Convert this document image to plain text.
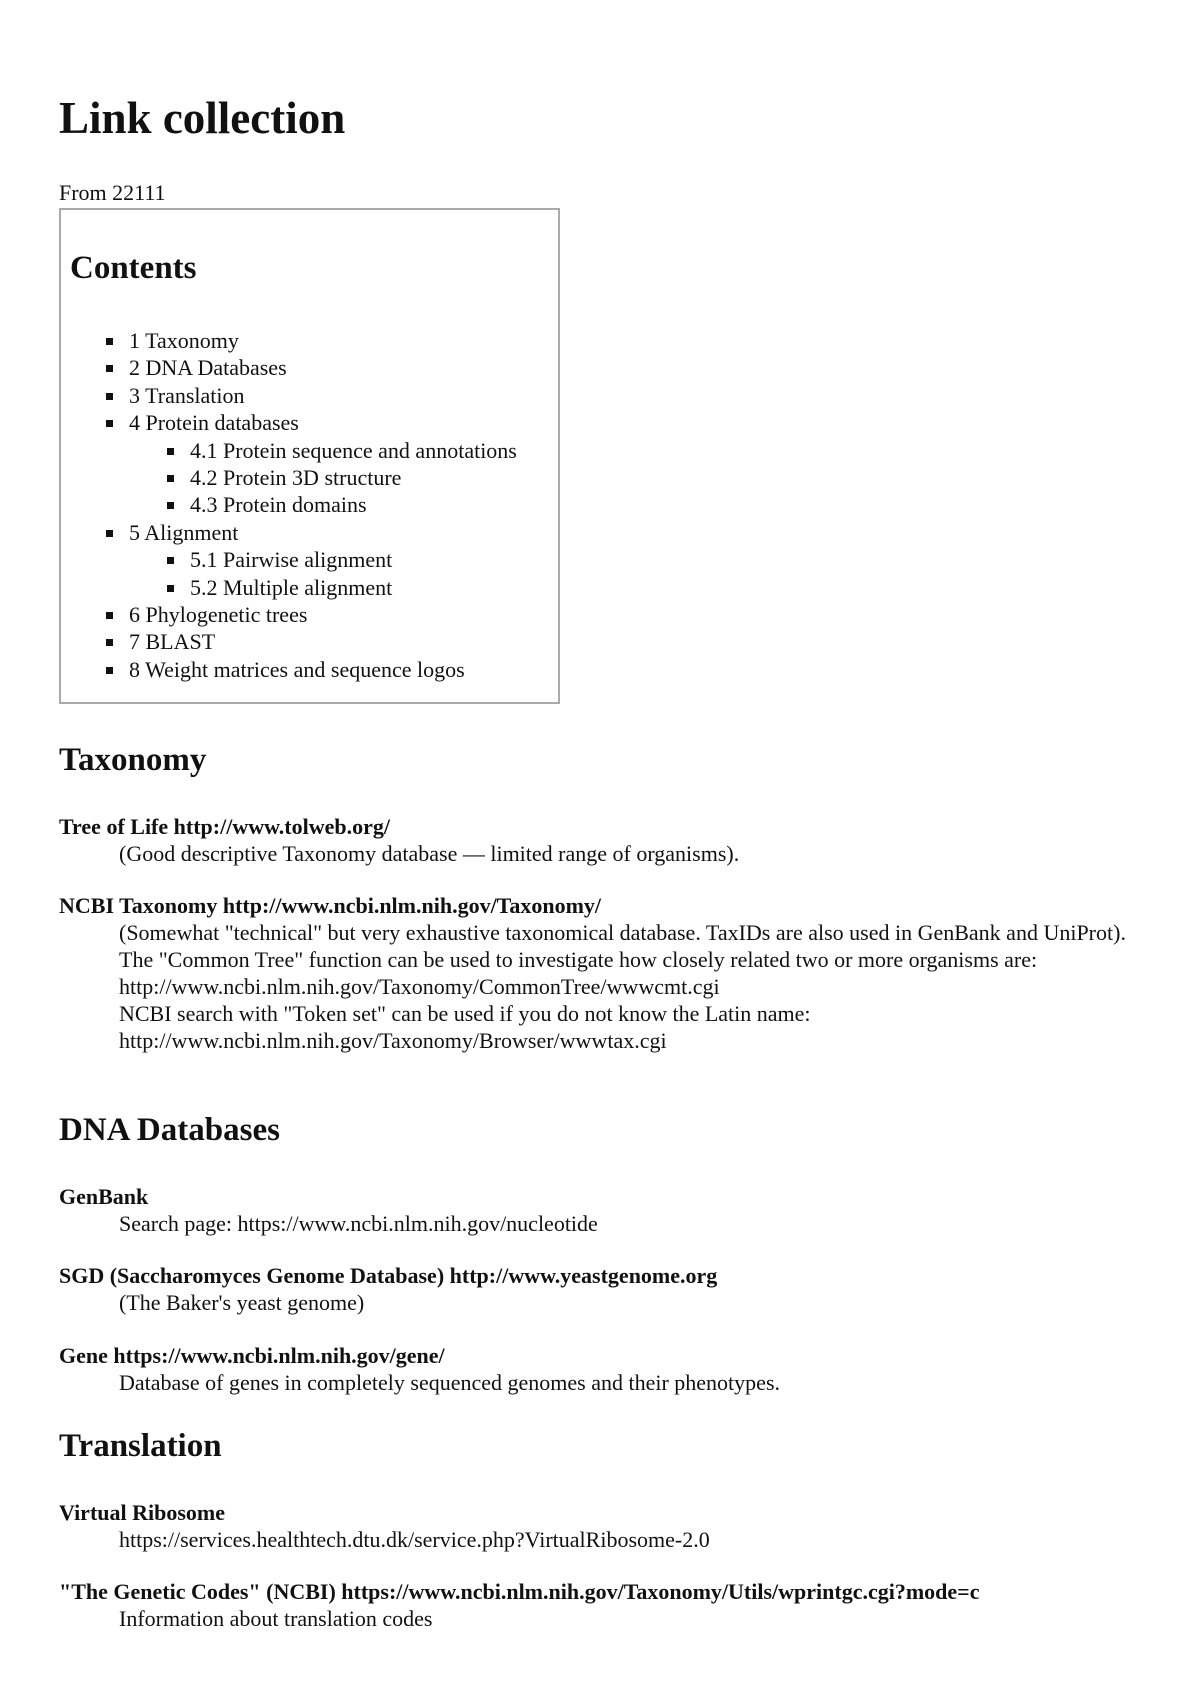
Link collection
From 22111
Contents
1 Taxonomy
2 DNA Databases
3 Translation
4 Protein databases
4.1 Protein sequence and annotations
4.2 Protein 3D structure
4.3 Protein domains
5 Alignment
5.1 Pairwise alignment
5.2 Multiple alignment
6 Phylogenetic trees
7 BLAST
8 Weight matrices and sequence logos
Taxonomy
Tree of Life http://www.tolweb.org/

(Good descriptive Taxonomy database — limited range of organisms).

NCBI Taxonomy http://www.ncbi.nlm.nih.gov/Taxonomy/

(Somewhat "technical" but very exhaustive taxonomical database. TaxIDs are also used in GenBank and UniProt).

The "Common Tree" function can be used to investigate how closely related two or more organisms are:

http://www.ncbi.nlm.nih.gov/Taxonomy/CommonTree/wwwcmt.cgi

NCBI search with "Token set" can be used if you do not know the Latin name:

http://www.ncbi.nlm.nih.gov/Taxonomy/Browser/wwwtax.cgi

DNA Databases
GenBank

Search page: https://www.ncbi.nlm.nih.gov/nucleotide

SGD (Saccharomyces Genome Database) http://www.yeastgenome.org

(The Baker's yeast genome)

Gene https://www.ncbi.nlm.nih.gov/gene/

Database of genes in completely sequenced genomes and their phenotypes.

Translation
Virtual Ribosome

https://services.healthtech.dtu.dk/service.php?VirtualRibosome-2.0

"The Genetic Codes" (NCBI) https://www.ncbi.nlm.nih.gov/Taxonomy/Utils/wprintgc.cgi?mode=c

Information about translation codes
